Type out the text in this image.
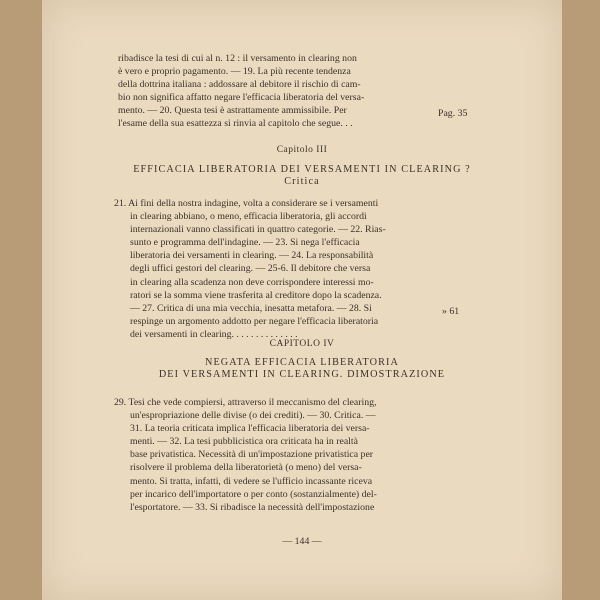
ribadisce la tesi di cui al n. 12 : il versamento in clearing non
è vero e proprio pagamento. — 19. La più recente tendenza
della dottrina italiana : addossare al debitore il rischio di cam-
bio non significa affatto negare l'efficacia liberatoria del versa-
mento. — 20. Questa tesi è astrattamente ammissibile. Per
l'esame della sua esattezza si rinvia al capitolo che segue. . .
Pag. 35
Capitolo III
EFFICACIA LIBERATORIA DEI VERSAMENTI IN CLEARING ?
Critica
21. Ai fini della nostra indagine, volta a considerare se i versamenti
in clearing abbiano, o meno, efficacia liberatoria, gli accordi
internazionali vanno classificati in quattro categorie. — 22. Rias-
sunto e programma dell'indagine. — 23. Si nega l'efficacia
liberatoria dei versamenti in clearing. — 24. La responsabilità
degli uffici gestori del clearing. — 25-6. Il debitore che versa
in clearing alla scadenza non deve corrispondere interessi mo-
ratori se la somma viene trasferita al creditore dopo la scadenza.
— 27. Critica di una mia vecchia, inesatta metafora. — 28. Si
respinge un argomento addotto per negare l'efficacia liberatoria
dei versamenti in clearing. . . . . . . . . . . . . .
» 61
CAPITOLO IV
NEGATA EFFICACIA LIBERATORIA
DEI VERSAMENTI IN CLEARING. DIMOSTRAZIONE
29. Tesi che vede compiersi, attraverso il meccanismo del clearing,
un'espropriazione delle divise (o dei crediti). — 30. Critica. —
31. La teoria criticata implica l'efficacia liberatoria dei versa-
menti. — 32. La tesi pubblicistica ora criticata ha in realtà
base privatistica. Necessità di un'impostazione privatistica per
risolvere il problema della liberatorietà (o meno) del versa-
mento. Si tratta, infatti, di vedere se l'ufficio incassante riceva
per incarico dell'importatore o per conto (sostanzialmente) del-
l'esportatore. — 33. Si ribadisce la necessità dell'impostazione
— 144 —
